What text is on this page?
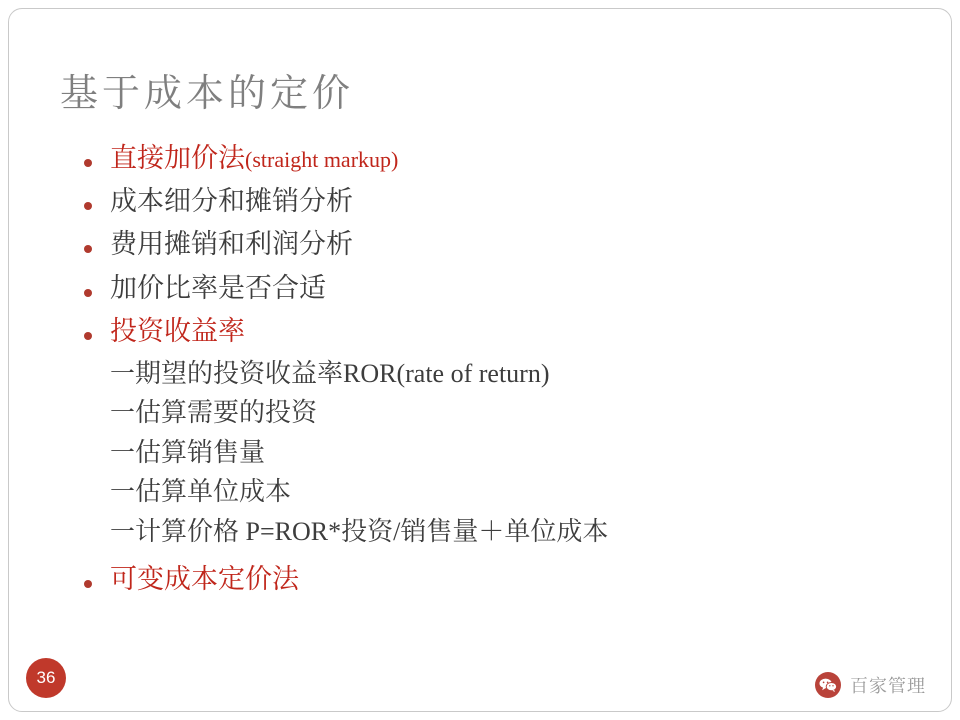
基于成本的定价
直接加价法(straight markup)
成本细分和摊销分析
费用摊销和利润分析
加价比率是否合适
投资收益率
一 期望的投资收益率ROR(rate of return)
一 估算需要的投资
一 估算销售量
一 估算单位成本
一 计算价格 P=ROR*投资/销售量＋单位成本
可变成本定价法
36	百家管理
